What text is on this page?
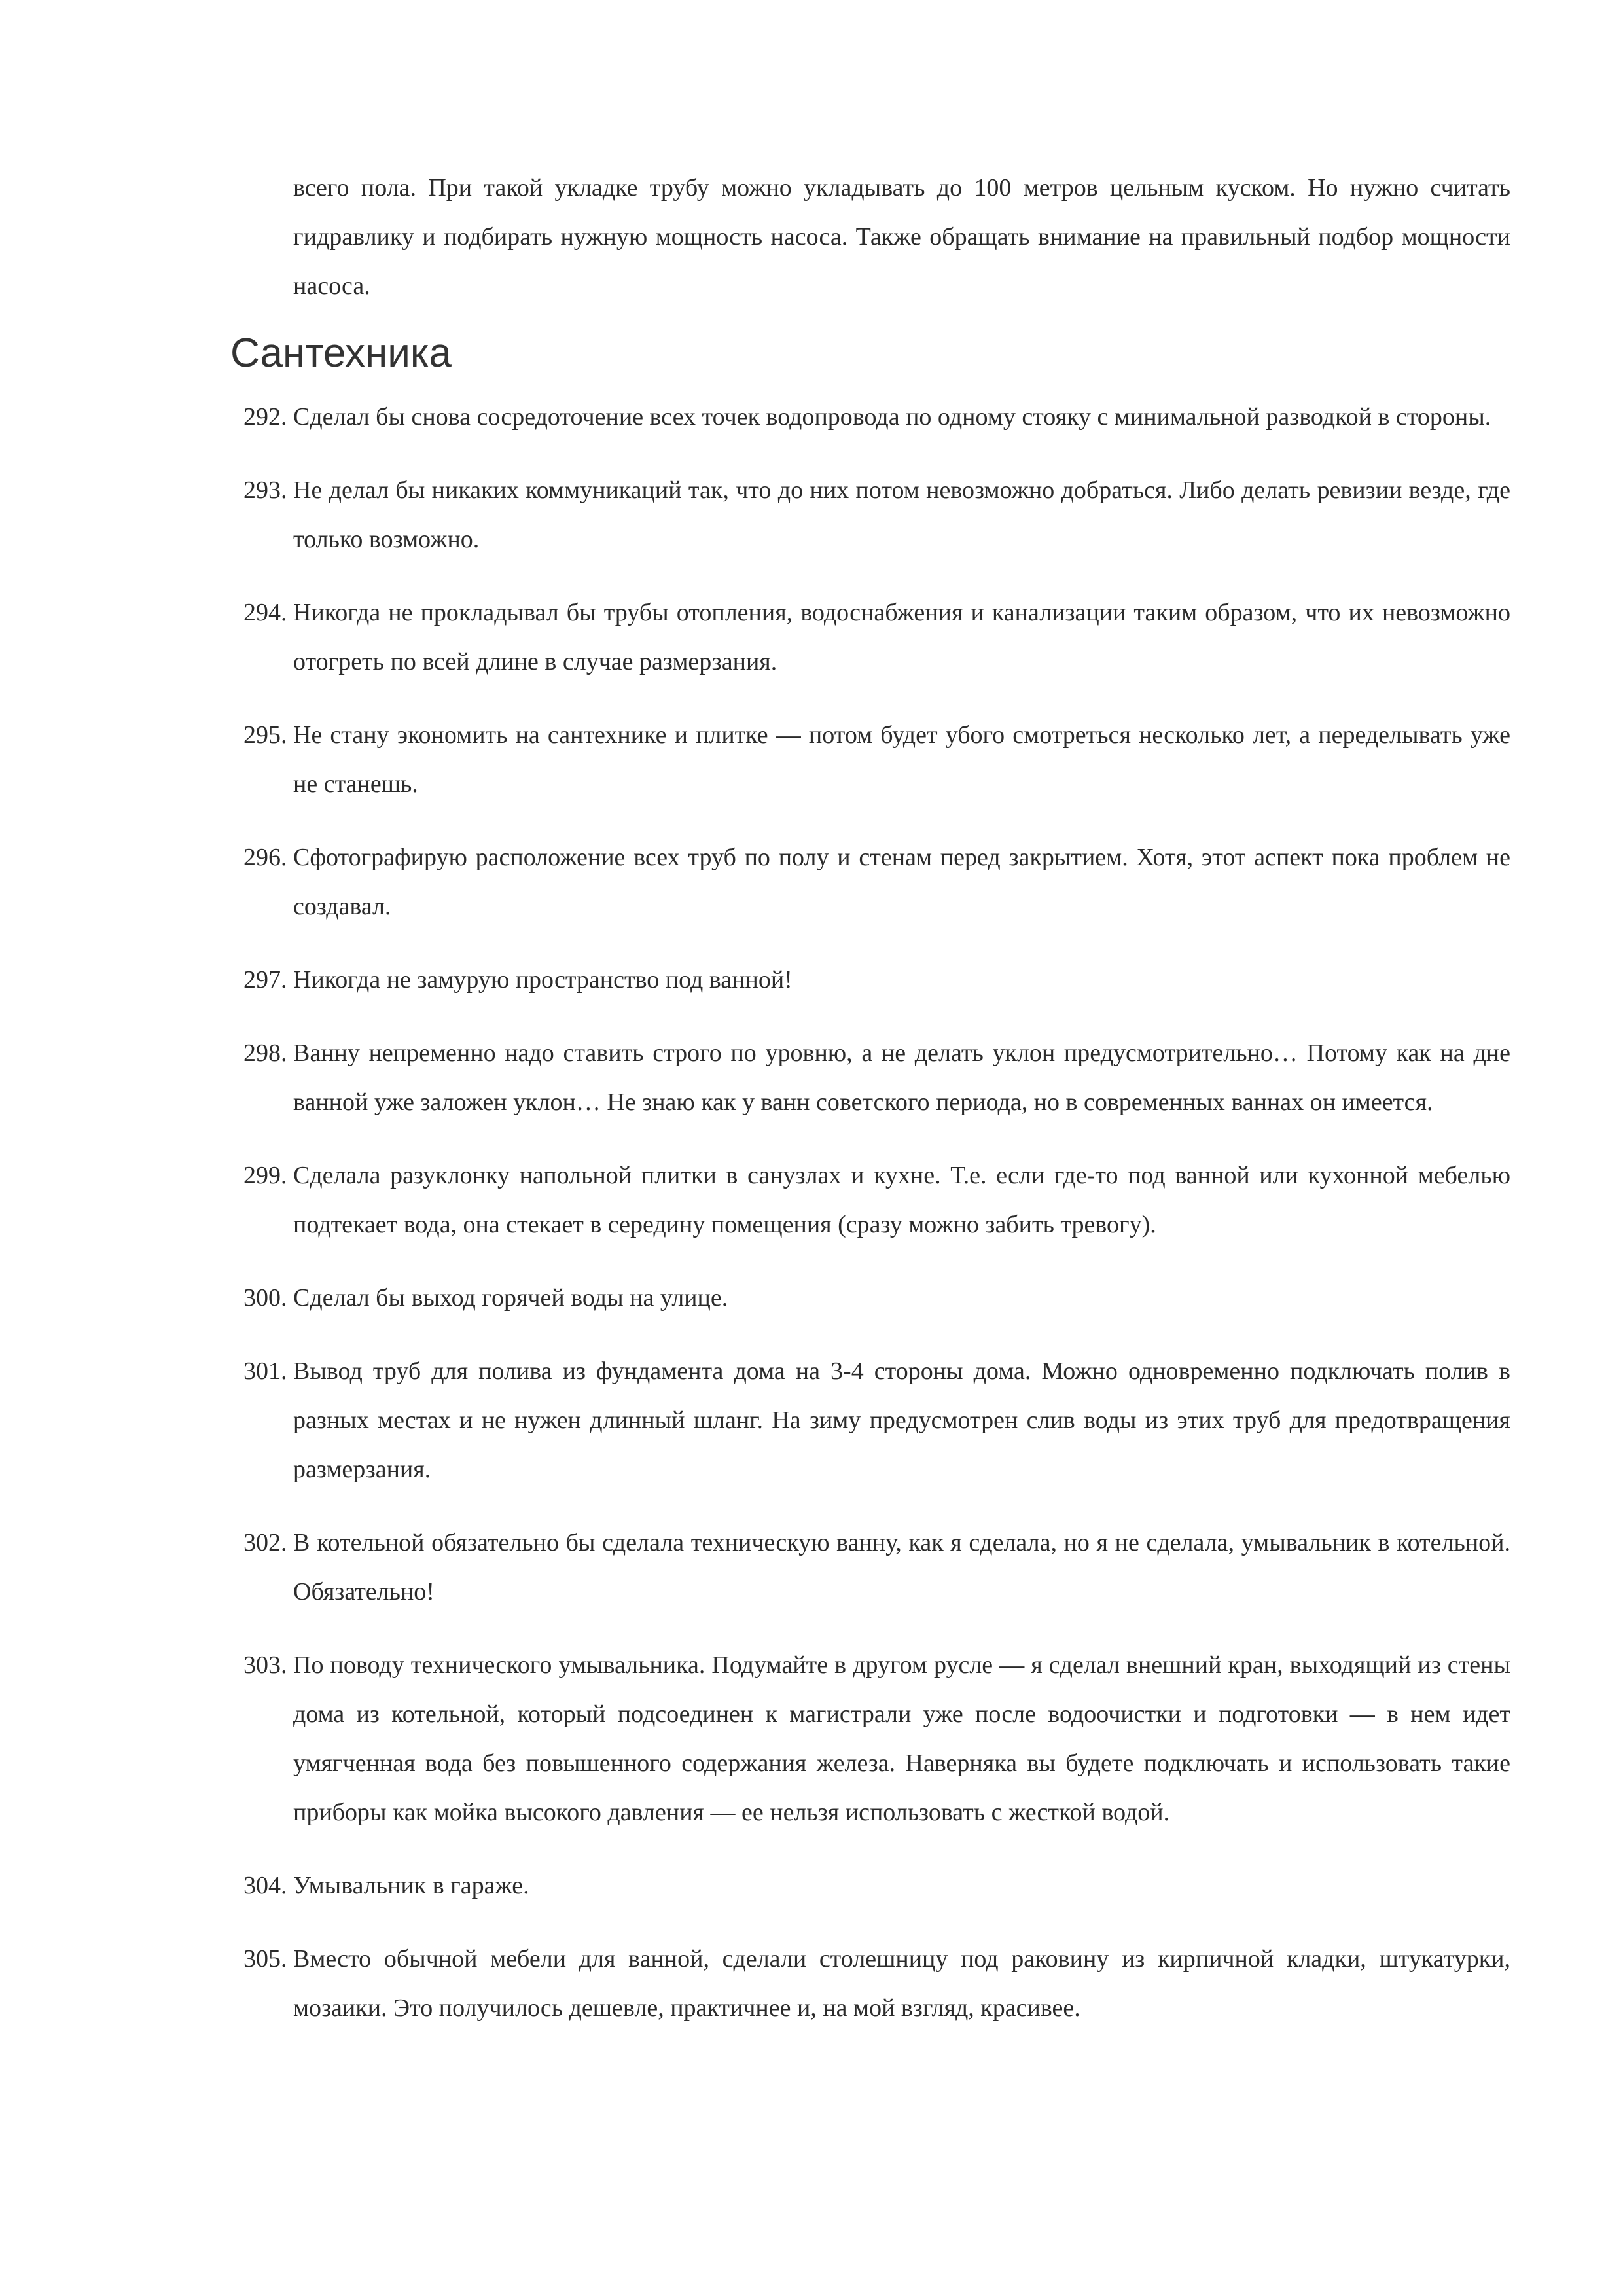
всего пола. При такой укладке трубу можно укладывать до 100 метров цельным куском. Но нужно считать гидравлику и подбирать нужную мощность насоса. Также обращать внимание на правильный подбор мощности насоса.

Сантехника
292. Сделал бы снова сосредоточение всех точек водопровода по одному стояку с минимальной разводкой в стороны.
293. Не делал бы никаких коммуникаций так, что до них потом невозможно добраться. Либо делать ревизии везде, где только возможно.
294. Никогда не прокладывал бы трубы отопления, водоснабжения и канализации таким образом, что их невозможно отогреть по всей длине в случае размерзания.
295. Не стану экономить на сантехнике и плитке — потом будет убого смотреться несколько лет, а переделывать уже не станешь.
296. Сфотографирую расположение всех труб по полу и стенам перед закрытием. Хотя, этот аспект пока проблем не создавал.
297. Никогда не замурую пространство под ванной!
298. Ванну непременно надо ставить строго по уровню, а не делать уклон предусмотрительно… Потому как на дне ванной уже заложен уклон… Не знаю как у ванн советского периода, но в современных ваннах он имеется.
299. Сделала разуклонку напольной плитки в санузлах и кухне. Т.е. если где-то под ванной или кухонной мебелью подтекает вода, она стекает в середину помещения (сразу можно забить тревогу).
300. Сделал бы выход горячей воды на улице.
301. Вывод труб для полива из фундамента дома на 3-4 стороны дома. Можно одновременно подключать полив в разных местах и не нужен длинный шланг. На зиму предусмотрен слив воды из этих труб для предотвращения размерзания.
302. В котельной обязательно бы сделала техническую ванну, как я сделала, но я не сделала, умывальник в котельной. Обязательно!
303. По поводу технического умывальника. Подумайте в другом русле — я сделал внешний кран, выходящий из стены дома из котельной, который подсоединен к магистрали уже после водоочистки и подготовки — в нем идет умягченная вода без повышенного содержания железа. Наверняка вы будете подключать и использовать такие приборы как мойка высокого давления — ее нельзя использовать с жесткой водой.
304. Умывальник в гараже.
305. Вместо обычной мебели для ванной, сделали столешницу под раковину из кирпичной кладки, штукатурки, мозаики. Это получилось дешевле, практичнее и, на мой взгляд, красивее.
